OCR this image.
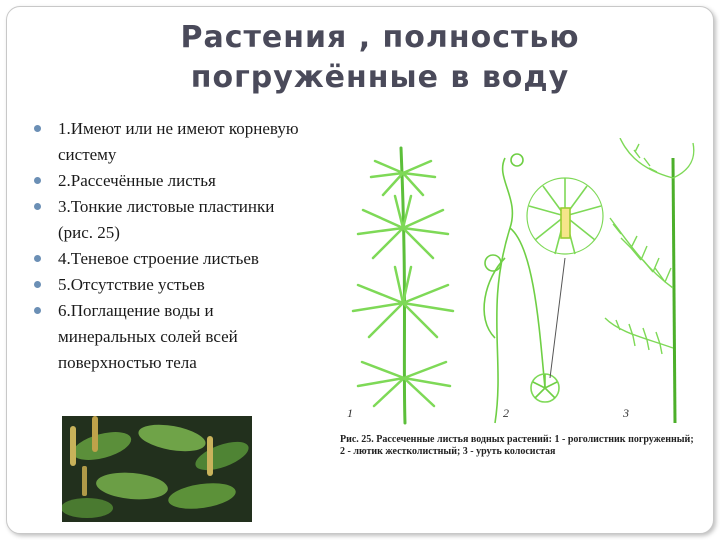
Растения , полностью
погружённые в воду
1.Имеют или не имеют корневую
систему
2.Рассечённые листья
3.Тонкие листовые пластинки
(рис. 25)
4.Теневое строение листьев
5.Отсутствие устьев
6.Поглащение воды и
минеральных солей всей
поверхностью тела
1	2	3
Рис. 25. Рассеченные листья водных растений: 1 - роголистник погруженный; 2 - лютик жестколистный; 3 - уруть колосистая
